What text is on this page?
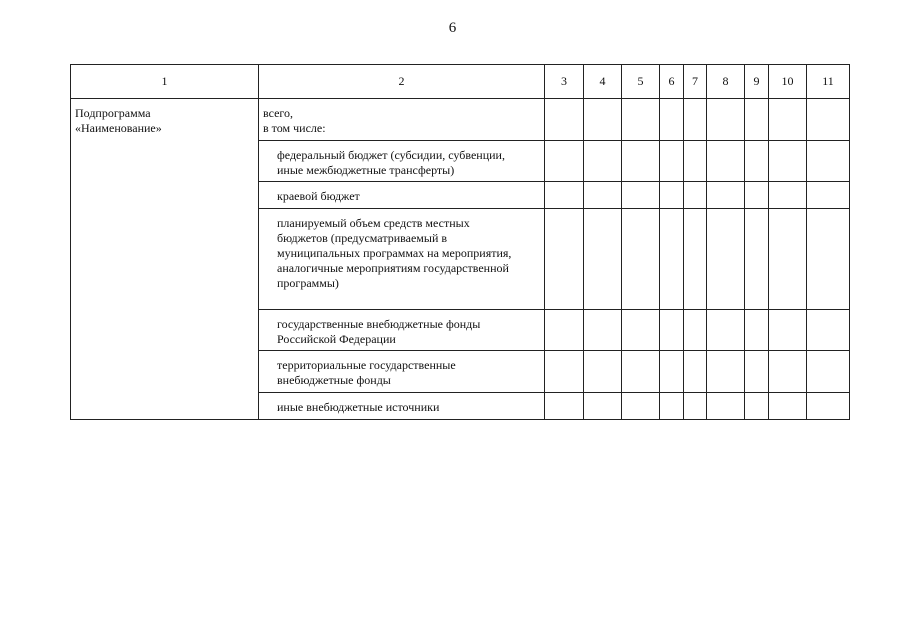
6
1	2	3	4	5	6	7	8	9	10	11

Подпрограмма
«Наименование»	всего,
в том числе:									

	федеральный бюджет (субсидии, субвенции,
иные межбюджетные трансферты)									

	краевой бюджет									

	планируемый объем средств местных
бюджетов (предусматриваемый в
муниципальных программах на мероприятия,
аналогичные мероприятиям государственной
программы)									

	государственные внебюджетные фонды
Российской Федерации									

	территориальные государственные
внебюджетные фонды									

	иные внебюджетные источники									
